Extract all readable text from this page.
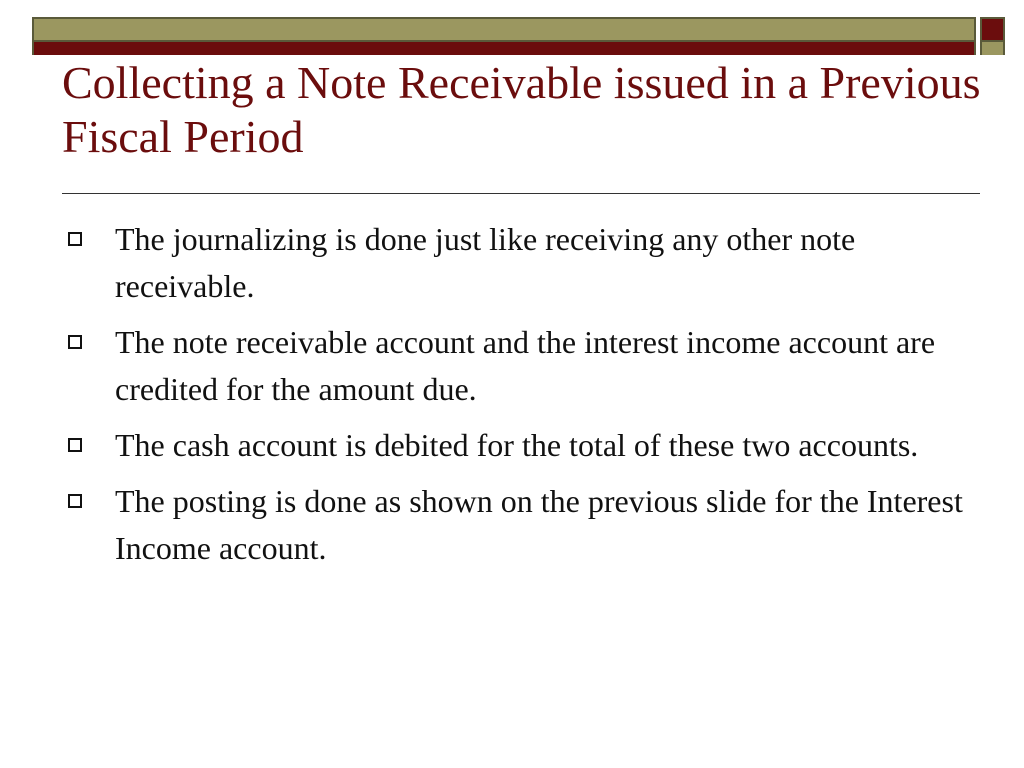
Collecting a Note Receivable issued in a Previous Fiscal Period
The journalizing is done just like receiving any other note receivable.
The note receivable account and the interest income account are credited for the amount due.
The cash account is debited for the total of these two accounts.
The posting is done as shown on the previous slide for the Interest Income account.
